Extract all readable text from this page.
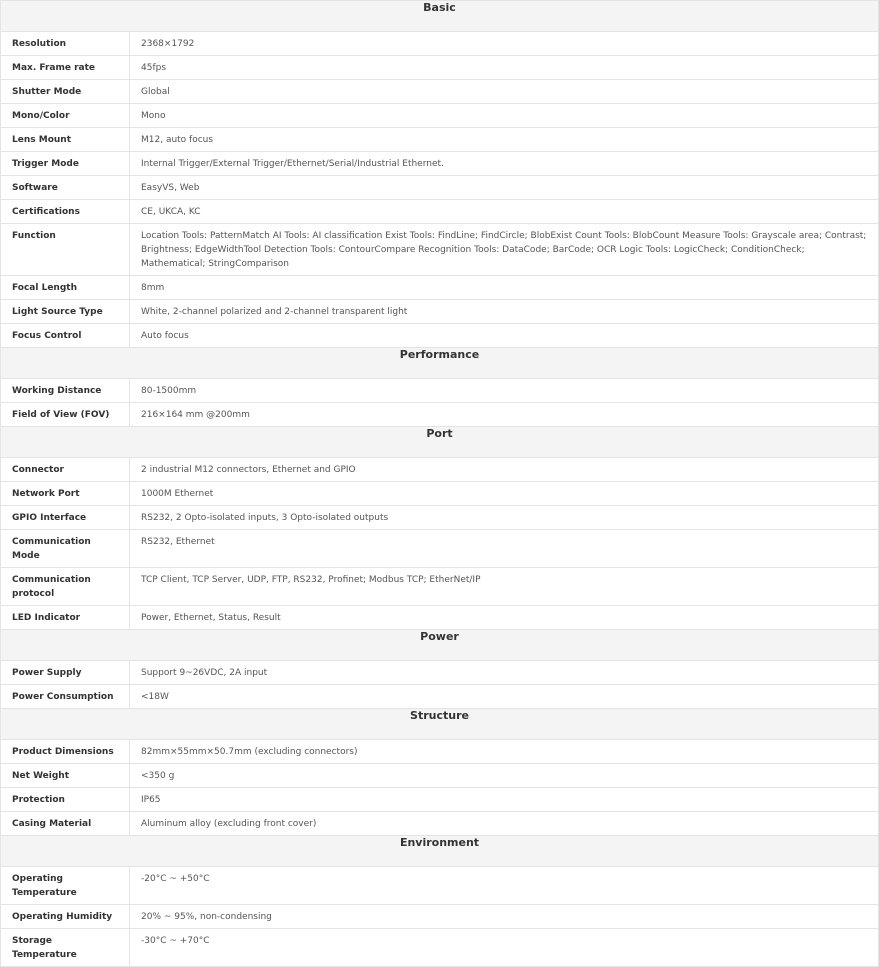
Basic	

Resolution	2368×1792

Max. Frame rate	45fps

Shutter Mode	Global

Mono/Color	Mono

Lens Mount	M12, auto focus

Trigger Mode	Internal Trigger/External Trigger/Ethernet/Serial/Industrial Ethernet.

Software	EasyVS, Web

Certifications	CE, UKCA, KC

Function	Location Tools: PatternMatch AI Tools: AI classification Exist Tools: FindLine; FindCircle; BlobExist Count Tools: BlobCount Measure Tools: Grayscale area; Contrast; Brightness; EdgeWidthTool Detection Tools: ContourCompare Recognition Tools: DataCode; BarCode; OCR Logic Tools: LogicCheck; ConditionCheck; Mathematical; StringComparison

Focal Length	8mm

Light Source Type	White, 2-channel polarized and 2-channel transparent light

Focus Control	Auto focus

Performance	

Working Distance	80-1500mm

Field of View (FOV)	216×164 mm @200mm

Port	

Connector	2 industrial M12 connectors, Ethernet and GPIO

Network Port	1000M Ethernet

GPIO Interface	RS232, 2 Opto-isolated inputs, 3 Opto-isolated outputs

Communication Mode	RS232, Ethernet

Communication protocol	TCP Client, TCP Server, UDP, FTP, RS232, Profinet; Modbus TCP; EtherNet/IP

LED Indicator	Power, Ethernet, Status, Result

Power	

Power Supply	Support 9~26VDC, 2A input

Power Consumption	<18W

Structure	

Product Dimensions	82mm×55mm×50.7mm (excluding connectors)

Net Weight	<350 g

Protection	IP65

Casing Material	Aluminum alloy (excluding front cover)

Environment	

Operating Temperature	-20°C ~ +50°C

Operating Humidity	20% ~ 95%, non-condensing

Storage Temperature	-30°C ~ +70°C
